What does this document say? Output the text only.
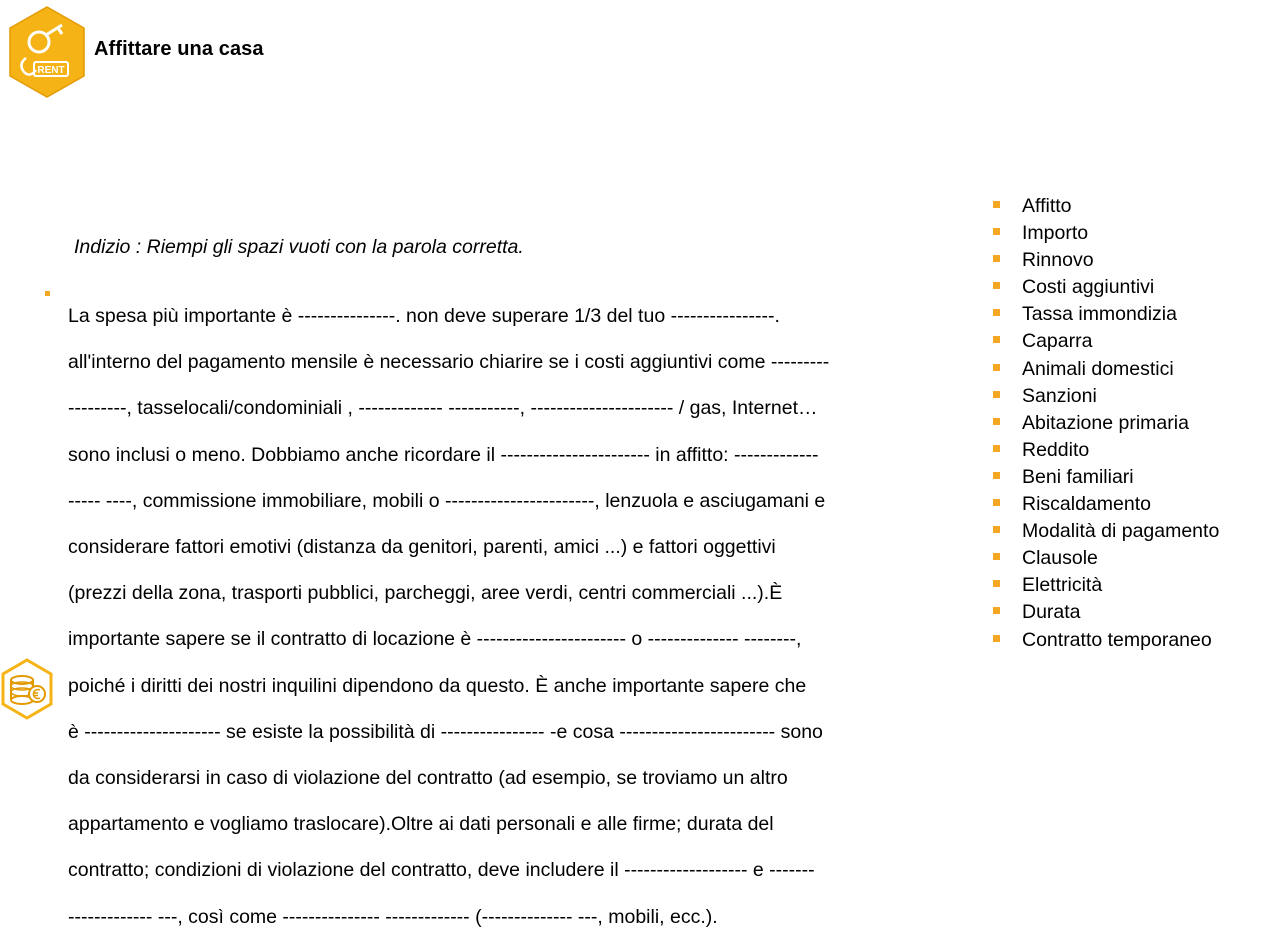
RENT
Affittare una casa
Indizio : Riempi gli spazi vuoti con la parola corretta.

La spesa più importante è ---------------. non deve superare 1/3 del tuo ----------------.

all'interno del pagamento mensile è necessario chiarire se i costi aggiuntivi come ---------

---------, tasselocali/condominiali , ------------- -----------, ---------------------- / gas, Internet…

sono inclusi o meno. Dobbiamo anche ricordare il ----------------------- in affitto: -------------

----- ----, commissione immobiliare, mobili o -----------------------, lenzuola e asciugamani e

considerare fattori emotivi (distanza da genitori, parenti, amici ...) e fattori oggettivi

(prezzi della zona, trasporti pubblici, parcheggi, aree verdi, centri commerciali ...).È

importante sapere se il contratto di locazione è ----------------------- o -------------- --------,

poiché i diritti dei nostri inquilini dipendono da questo. È anche importante sapere che

è --------------------- se esiste la possibilità di ---------------- -e cosa ------------------------ sono

da considerarsi in caso di violazione del contratto (ad esempio, se troviamo un altro

appartamento e vogliamo traslocare).Oltre ai dati personali e alle firme; durata del

contratto; condizioni di violazione del contratto, deve includere il ------------------- e -------

------------- ---, così come --------------- ------------- (-------------- ---, mobili, ecc.).

Affitto
Importo
Rinnovo
Costi aggiuntivi
Tassa immondizia
Caparra
Animali domestici
Sanzioni
Abitazione primaria
Reddito
Beni familiari
Riscaldamento
Modalità di pagamento
Clausole
Elettricità
Durata
Contratto temporaneo
